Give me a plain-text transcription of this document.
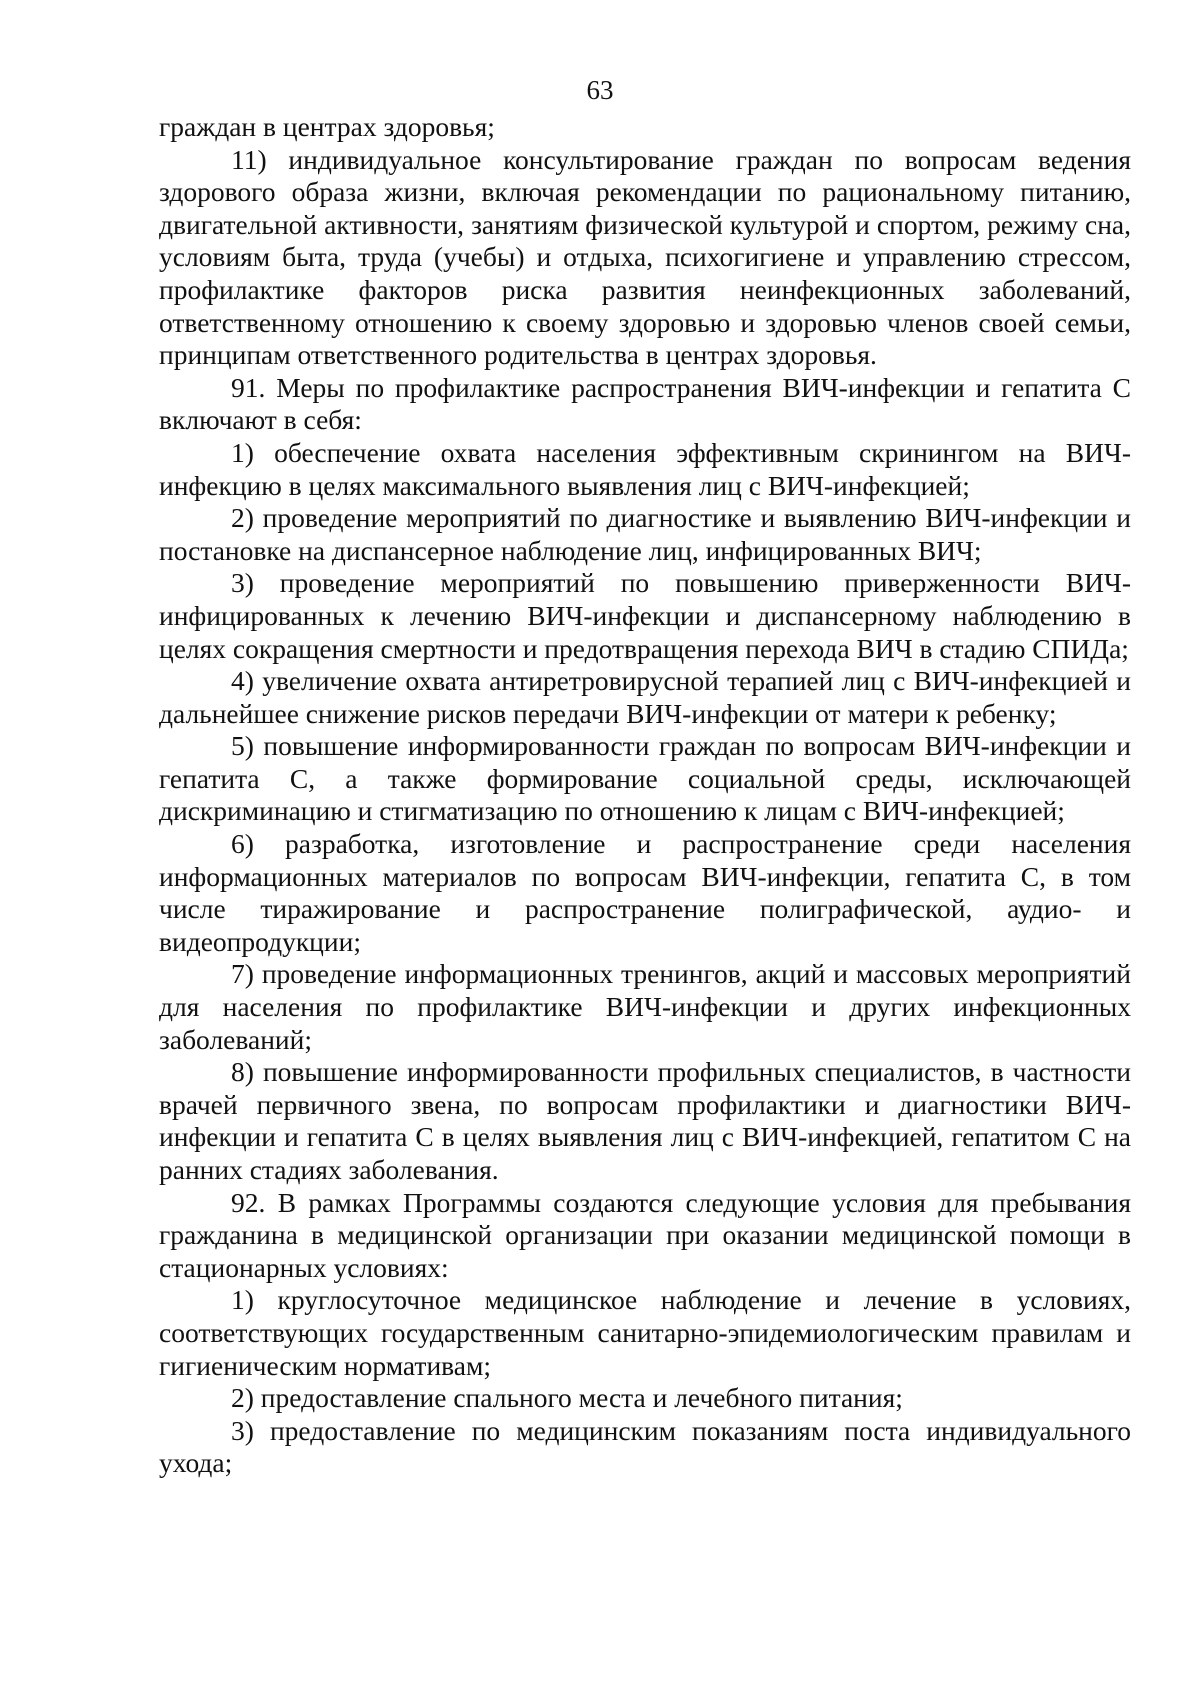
63

граждан в центрах здоровья;

11) индивидуальное консультирование граждан по вопросам ведения здорового образа жизни, включая рекомендации по рациональному питанию, двигательной активности, занятиям физической культурой и спортом, режиму сна, условиям быта, труда (учебы) и отдыха, психогигиене и управлению стрессом, профилактике факторов риска развития неинфекционных заболеваний, ответственному отношению к своему здоровью и здоровью членов своей семьи, принципам ответственного родительства в центрах здоровья.

91. Меры по профилактике распространения ВИЧ-инфекции и гепатита С включают в себя:

1) обеспечение охвата населения эффективным скринингом на ВИЧ-инфекцию в целях максимального выявления лиц с ВИЧ-инфекцией;

2) проведение мероприятий по диагностике и выявлению ВИЧ-инфекции и постановке на диспансерное наблюдение лиц, инфицированных ВИЧ;

3) проведение мероприятий по повышению приверженности ВИЧ-инфицированных к лечению ВИЧ-инфекции и диспансерному наблюдению в целях сокращения смертности и предотвращения перехода ВИЧ в стадию СПИДа;

4) увеличение охвата антиретровирусной терапией лиц с ВИЧ-инфекцией и дальнейшее снижение рисков передачи ВИЧ-инфекции от матери к ребенку;

5) повышение информированности граждан по вопросам ВИЧ-инфекции и гепатита С, а также формирование социальной среды, исключающей дискриминацию и стигматизацию по отношению к лицам с ВИЧ-инфекцией;

6) разработка, изготовление и распространение среди населения информационных материалов по вопросам ВИЧ-инфекции, гепатита С, в том числе тиражирование и распространение полиграфической, аудио- и видеопродукции;

7) проведение информационных тренингов, акций и массовых мероприятий для населения по профилактике ВИЧ-инфекции и других инфекционных заболеваний;

8) повышение информированности профильных специалистов, в частности врачей первичного звена, по вопросам профилактики и диагностики ВИЧ-инфекции и гепатита С в целях выявления лиц с ВИЧ-инфекцией, гепатитом С на ранних стадиях заболевания.

92. В рамках Программы создаются следующие условия для пребывания гражданина в медицинской организации при оказании медицинской помощи в стационарных условиях:

1) круглосуточное медицинское наблюдение и лечение в условиях, соответствующих государственным санитарно-эпидемиологическим правилам и гигиеническим нормативам;

2) предоставление спального места и лечебного питания;

3) предоставление по медицинским показаниям поста индивидуального ухода;
